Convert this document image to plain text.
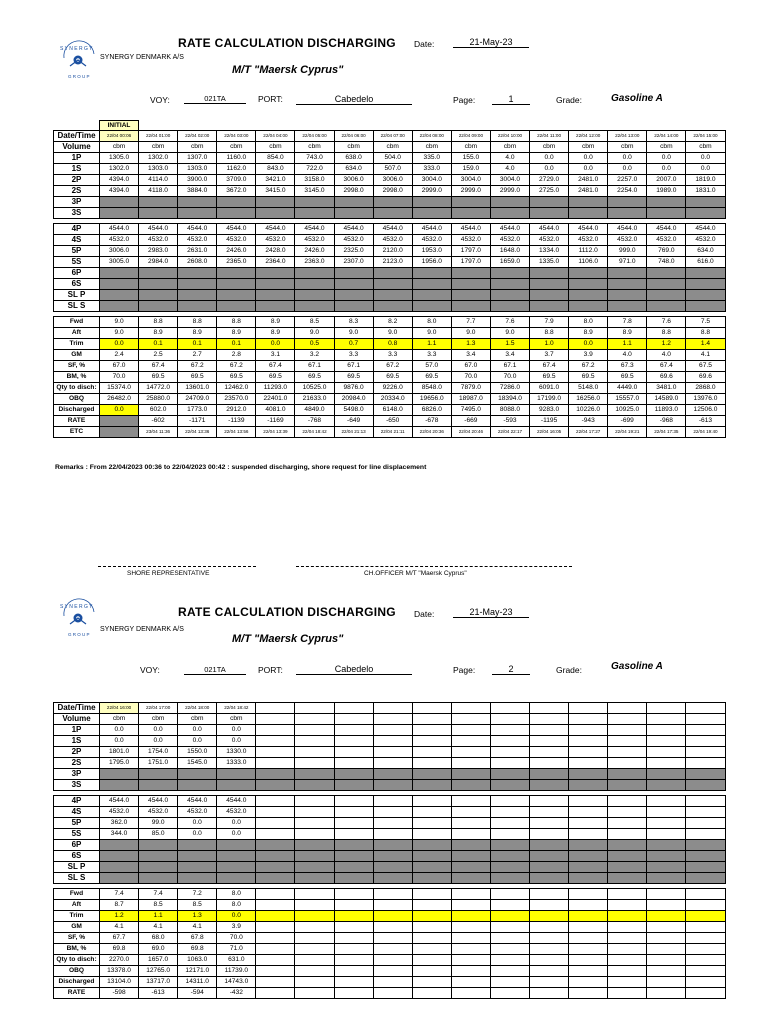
S Y N E R G Y
G R O U P
SYNERGY DENMARK A/S
RATE CALCULATION DISCHARGING Date:	21-May-23
M/T "Maersk Cyprus"
VOY:	021TA	PORT:	Cabedelo	Page:	1	Grade:	Gasoline A
INITIAL
Date/Time	22/04 00:06	22/04 01:00	22/04 02:00	22/04 03:00	22/04 04:00	22/04 05:00	22/04 06:00	22/04 07:00	22/04 08:00	22/04 09:00	22/04 10:00	22/04 11:00	22/04 12:00	22/04 13:00	22/04 14:00	22/04 15:00
Volume	cbm	cbm	cbm	cbm	cbm	cbm	cbm	cbm	cbm	cbm	cbm	cbm	cbm	cbm	cbm	cbm
1P	1305.0	1302.0	1307.0	1160.0	854.0	743.0	638.0	504.0	335.0	155.0	4.0	0.0	0.0	0.0	0.0	0.0
1S	1302.0	1303.0	1303.0	1162.0	843.0	722.0	634.0	507.0	333.0	159.0	4.0	0.0	0.0	0.0	0.0	0.0
2P	4394.0	4114.0	3900.0	3709.0	3421.0	3158.0	3006.0	3006.0	3004.0	3004.0	3004.0	2729.0	2481.0	2257.0	2007.0	1819.0
2S	4394.0	4118.0	3884.0	3672.0	3415.0	3145.0	2998.0	2998.0	2999.0	2999.0	2999.0	2725.0	2481.0	2254.0	1989.0	1831.0
3P																
3S																

4P	4544.0	4544.0	4544.0	4544.0	4544.0	4544.0	4544.0	4544.0	4544.0	4544.0	4544.0	4544.0	4544.0	4544.0	4544.0	4544.0
4S	4532.0	4532.0	4532.0	4532.0	4532.0	4532.0	4532.0	4532.0	4532.0	4532.0	4532.0	4532.0	4532.0	4532.0	4532.0	4532.0
5P	3006.0	2983.0	2631.0	2426.0	2428.0	2426.0	2325.0	2120.0	1953.0	1797.0	1648.0	1334.0	1112.0	999.0	769.0	634.0
5S	3005.0	2984.0	2608.0	2365.0	2364.0	2363.0	2307.0	2123.0	1956.0	1797.0	1659.0	1335.0	1106.0	971.0	748.0	616.0
6P																
6S																
SL P																
SL S																

Fwd	9.0	8.8	8.8	8.8	8.9	8.5	8.3	8.2	8.0	7.7	7.6	7.9	8.0	7.8	7.6	7.5
Aft	9.0	8.9	8.9	8.9	8.9	9.0	9.0	9.0	9.0	9.0	9.0	8.8	8.9	8.9	8.8	8.8
Trim	0.0	0.1	0.1	0.1	0.0	0.5	0.7	0.8	1.1	1.3	1.5	1.0	0.0	1.1	1.2	1.4
GM	2.4	2.5	2.7	2.8	3.1	3.2	3.3	3.3	3.3	3.4	3.4	3.7	3.9	4.0	4.0	4.1
SF, %	67.0	67.4	67.2	67.2	67.4	67.1	67.1	67.2	57.0	67.0	67.1	67.4	67.2	67.3	67.4	67.5
BM, %	70.0	69.5	69.5	69.5	69.5	69.5	69.5	69.5	69.5	70.0	70.0	69.5	69.5	69.5	69.6	69.6
Qty to disch:	15374.0	14772.0	13601.0	12462.0	11293.0	10525.0	9876.0	9226.0	8548.0	7879.0	7286.0	6091.0	5148.0	4449.0	3481.0	2868.0
OBQ	26482.0	25880.0	24709.0	23570.0	22401.0	21633.0	20984.0	20334.0	19656.0	18987.0	18394.0	17199.0	16256.0	15557.0	14589.0	13976.0
Discharged	0.0	602.0	1773.0	2912.0	4081.0	4849.0	5498.0	6148.0	6826.0	7495.0	8088.0	9283.0	10226.0	10925.0	11893.0	12506.0
RATE		-602	-1171	-1139	-1169	-768	-649	-650	-678	-669	-593	-1195	-943	-699	-968	-613
ETC		23/04 11:36	22/04 13:36	22/04 13:56	22/04 13:39	22/04 18:42	22/04 21:13	22/04 21:11	22/04 20:36	22/04 20:46	22/04 22:17	22/04 16:05	22/04 17:27	22/04 19:21	22/04 17:35	22/04 19:40
Remarks : From 22/04/2023 00:36 to 22/04/2023 00:42 : suspended discharging, shore request for line displacement
SHORE REPRESENTATIVE	CH.OFFICER M/T "Maersk Cyprus"
S Y N E R G Y
G R O U P
SYNERGY DENMARK A/S
RATE CALCULATION DISCHARGING Date:	21-May-23
M/T "Maersk Cyprus"
VOY:	021TA	PORT:	Cabedelo	Page:	2	Grade:	Gasoline A
Date/Time	22/04 16:00	22/04 17:00	22/04 18:00	22/04 18:42												
Volume	cbm	cbm	cbm	cbm												
1P	0.0	0.0	0.0	0.0												
1S	0.0	0.0	0.0	0.0												
2P	1801.0	1754.0	1550.0	1330.0												
2S	1795.0	1751.0	1545.0	1333.0												
3P																
3S																

4P	4544.0	4544.0	4544.0	4544.0												
4S	4532.0	4532.0	4532.0	4532.0												
5P	362.0	99.0	0.0	0.0												
5S	344.0	85.0	0.0	0.0												
6P																
6S																
SL P																
SL S																

Fwd	7.4	7.4	7.2	8.0												
Aft	8.7	8.5	8.5	8.0												
Trim	1.2	1.1	1.3	0.0												
GM	4.1	4.1	4.1	3.9												
SF, %	67.7	68.0	67.8	70.0												
BM, %	69.8	69.0	69.8	71.0												
Qty to disch:	2270.0	1657.0	1063.0	631.0												
OBQ	13378.0	12765.0	12171.0	11739.0												
Discharged	13104.0	13717.0	14311.0	14743.0												
RATE	-598	-613	-594	-432												
